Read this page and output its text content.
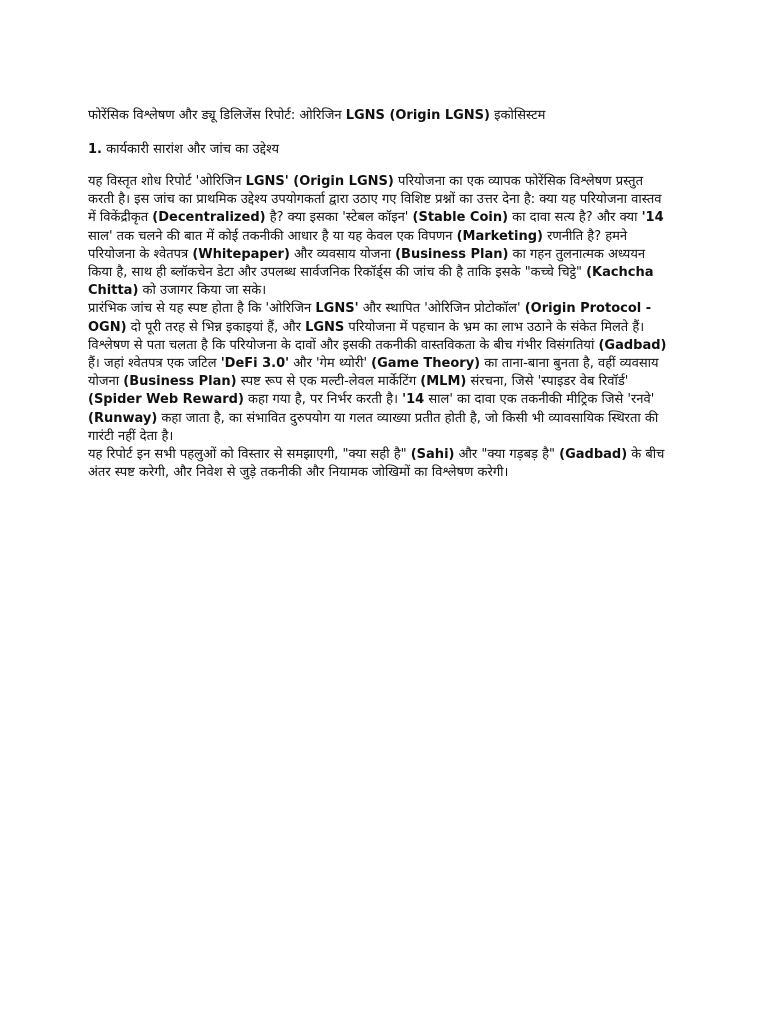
फोरेंसिक विश्लेषण और ड्यू डिलिजेंस रिपोर्ट: ओरिजिन LGNS (Origin LGNS) इकोसिस्टम

1. कार्यकारी सारांश और जांच का उद्देश्य

यह विस्तृत शोध रिपोर्ट 'ओरिजिन LGNS' (Origin LGNS) परियोजना का एक व्यापक फोरेंसिक विश्लेषण प्रस्तुत करती है। इस जांच का प्राथमिक उद्देश्य उपयोगकर्ता द्वारा उठाए गए विशिष्ट प्रश्नों का उत्तर देना है: क्या यह परियोजना वास्तव में विकेंद्रीकृत (Decentralized) है? क्या इसका 'स्टेबल कॉइन' (Stable Coin) का दावा सत्य है? और क्या '14 साल' तक चलने की बात में कोई तकनीकी आधार है या यह केवल एक विपणन (Marketing) रणनीति है? हमने परियोजना के श्वेतपत्र (Whitepaper) और व्यवसाय योजना (Business Plan) का गहन तुलनात्मक अध्ययन किया है, साथ ही ब्लॉकचेन डेटा और उपलब्ध सार्वजनिक रिकॉर्ड्स की जांच की है ताकि इसके "कच्चे चिट्ठे" (Kachcha Chitta) को उजागर किया जा सके।

प्रारंभिक जांच से यह स्पष्ट होता है कि 'ओरिजिन LGNS' और स्थापित 'ओरिजिन प्रोटोकॉल' (Origin Protocol - OGN) दो पूरी तरह से भिन्न इकाइयां हैं, और LGNS परियोजना में पहचान के भ्रम का लाभ उठाने के संकेत मिलते हैं। विश्लेषण से पता चलता है कि परियोजना के दावों और इसकी तकनीकी वास्तविकता के बीच गंभीर विसंगतियां (Gadbad) हैं। जहां श्वेतपत्र एक जटिल 'DeFi 3.0' और 'गेम थ्योरी' (Game Theory) का ताना-बाना बुनता है, वहीं व्यवसाय योजना (Business Plan) स्पष्ट रूप से एक मल्टी-लेवल मार्केटिंग (MLM) संरचना, जिसे 'स्पाइडर वेब रिवॉर्ड' (Spider Web Reward) कहा गया है, पर निर्भर करती है। '14 साल' का दावा एक तकनीकी मीट्रिक जिसे 'रनवे' (Runway) कहा जाता है, का संभावित दुरुपयोग या गलत व्याख्या प्रतीत होती है, जो किसी भी व्यावसायिक स्थिरता की गारंटी नहीं देता है।

यह रिपोर्ट इन सभी पहलुओं को विस्तार से समझाएगी, "क्या सही है" (Sahi) और "क्या गड़बड़ है" (Gadbad) के बीच अंतर स्पष्ट करेगी, और निवेश से जुड़े तकनीकी और नियामक जोखिमों का विश्लेषण करेगी।
